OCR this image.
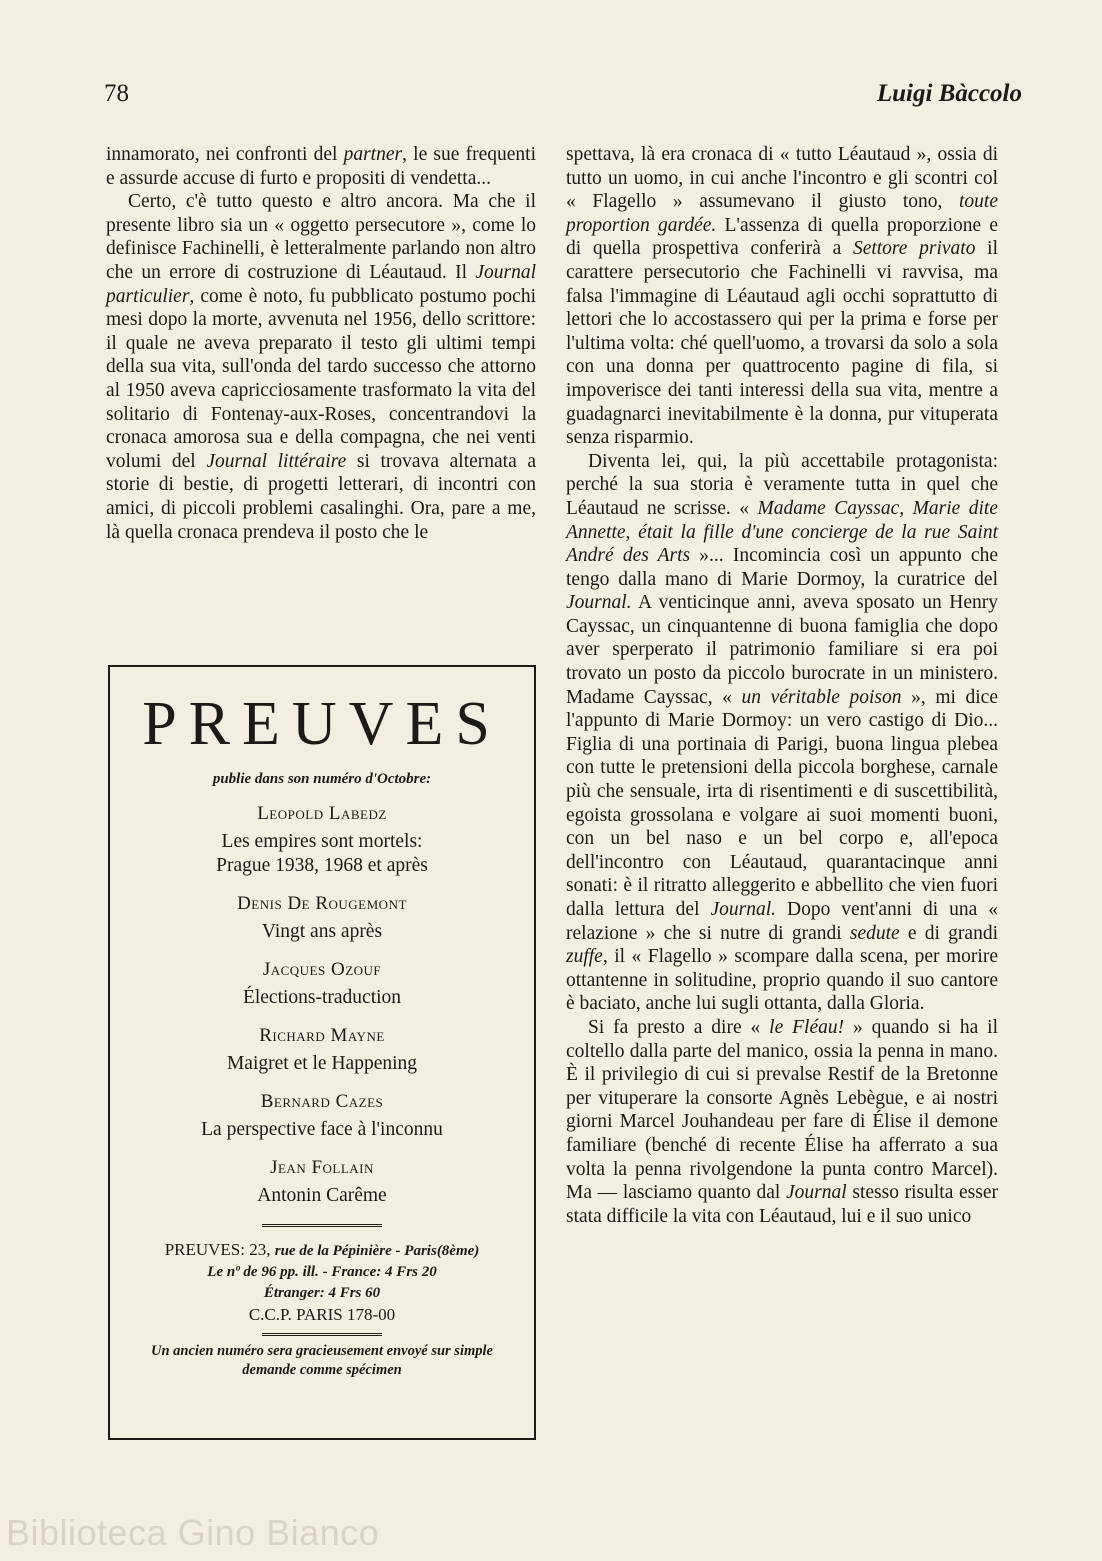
78	Luigi Bàccolo

innamorato, nei confronti del partner, le sue frequenti e assurde accuse di furto e propositi di vendetta...

Certo, c'è tutto questo e altro ancora. Ma che il presente libro sia un « oggetto persecutore », come lo definisce Fachinelli, è letteralmente parlando non altro che un errore di costruzione di Léautaud. Il Journal particulier, come è noto, fu pubblicato postumo pochi mesi dopo la morte, avvenuta nel 1956, dello scrittore: il quale ne aveva preparato il testo gli ultimi tempi della sua vita, sull'onda del tardo successo che attorno al 1950 aveva capricciosamente trasformato la vita del solitario di Fontenay-aux-Roses, concentrandovi la cronaca amorosa sua e della compagna, che nei venti volumi del Journal littéraire si trovava alternata a storie di bestie, di progetti letterari, di incontri con amici, di piccoli problemi casalinghi. Ora, pare a me, là quella cronaca prendeva il posto che le

PREUVES
publie dans son numéro d'Octobre:
Leopold Labedz
Les empires sont mortels:
Prague 1938, 1968 et après
Denis De Rougemont
Vingt ans après
Jacques Ozouf
Élections-traduction
Richard Mayne
Maigret et le Happening
Bernard Cazes
La perspective face à l'inconnu
Jean Follain
Antonin Carême
PREUVES: 23, rue de la Pépinière - Paris(8ème)
Le nº de 96 pp. ill. - France: 4 Frs 20
Étranger: 4 Frs 60
C.C.P. PARIS 178-00
Un ancien numéro sera gracieusement envoyé sur simple demande comme spécimen

spettava, là era cronaca di « tutto Léautaud », ossia di tutto un uomo, in cui anche l'incontro e gli scontri col « Flagello » assumevano il giusto tono, toute proportion gardée. L'assenza di quella proporzione e di quella prospettiva conferirà a Settore privato il carattere persecutorio che Fachinelli vi ravvisa, ma falsa l'immagine di Léautaud agli occhi soprattutto di lettori che lo accostassero qui per la prima e forse per l'ultima volta: ché quell'uomo, a trovarsi da solo a sola con una donna per quattrocento pagine di fila, si impoverisce dei tanti interessi della sua vita, mentre a guadagnarci inevitabilmente è la donna, pur vituperata senza risparmio.

Diventa lei, qui, la più accettabile protagonista: perché la sua storia è veramente tutta in quel che Léautaud ne scrisse. « Madame Cayssac, Marie dite Annette, était la fille d'une concierge de la rue Saint André des Arts »... Incomincia così un appunto che tengo dalla mano di Marie Dormoy, la curatrice del Journal. A venticinque anni, aveva sposato un Henry Cayssac, un cinquantenne di buona famiglia che dopo aver sperperato il patrimonio familiare si era poi trovato un posto da piccolo burocrate in un ministero. Madame Cayssac, « un véritable poison », mi dice l'appunto di Marie Dormoy: un vero castigo di Dio... Figlia di una portinaia di Parigi, buona lingua plebea con tutte le pretensioni della piccola borghese, carnale più che sensuale, irta di risentimenti e di suscettibilità, egoista grossolana e volgare ai suoi momenti buoni, con un bel naso e un bel corpo e, all'epoca dell'incontro con Léautaud, quarantacinque anni sonati: è il ritratto alleggerito e abbellito che vien fuori dalla lettura del Journal. Dopo vent'anni di una « relazione » che si nutre di grandi sedute e di grandi zuffe, il « Flagello » scompare dalla scena, per morire ottantenne in solitudine, proprio quando il suo cantore è baciato, anche lui sugli ottanta, dalla Gloria.

Si fa presto a dire « le Fléau! » quando si ha il coltello dalla parte del manico, ossia la penna in mano. È il privilegio di cui si prevalse Restif de la Bretonne per vituperare la consorte Agnès Lebègue, e ai nostri giorni Marcel Jouhandeau per fare di Élise il demone familiare (benché di recente Élise ha afferrato a sua volta la penna rivolgendone la punta contro Marcel). Ma — lasciamo quanto dal Journal stesso risulta esser stata difficile la vita con Léautaud, lui e il suo unico

Biblioteca Gino Bianco
